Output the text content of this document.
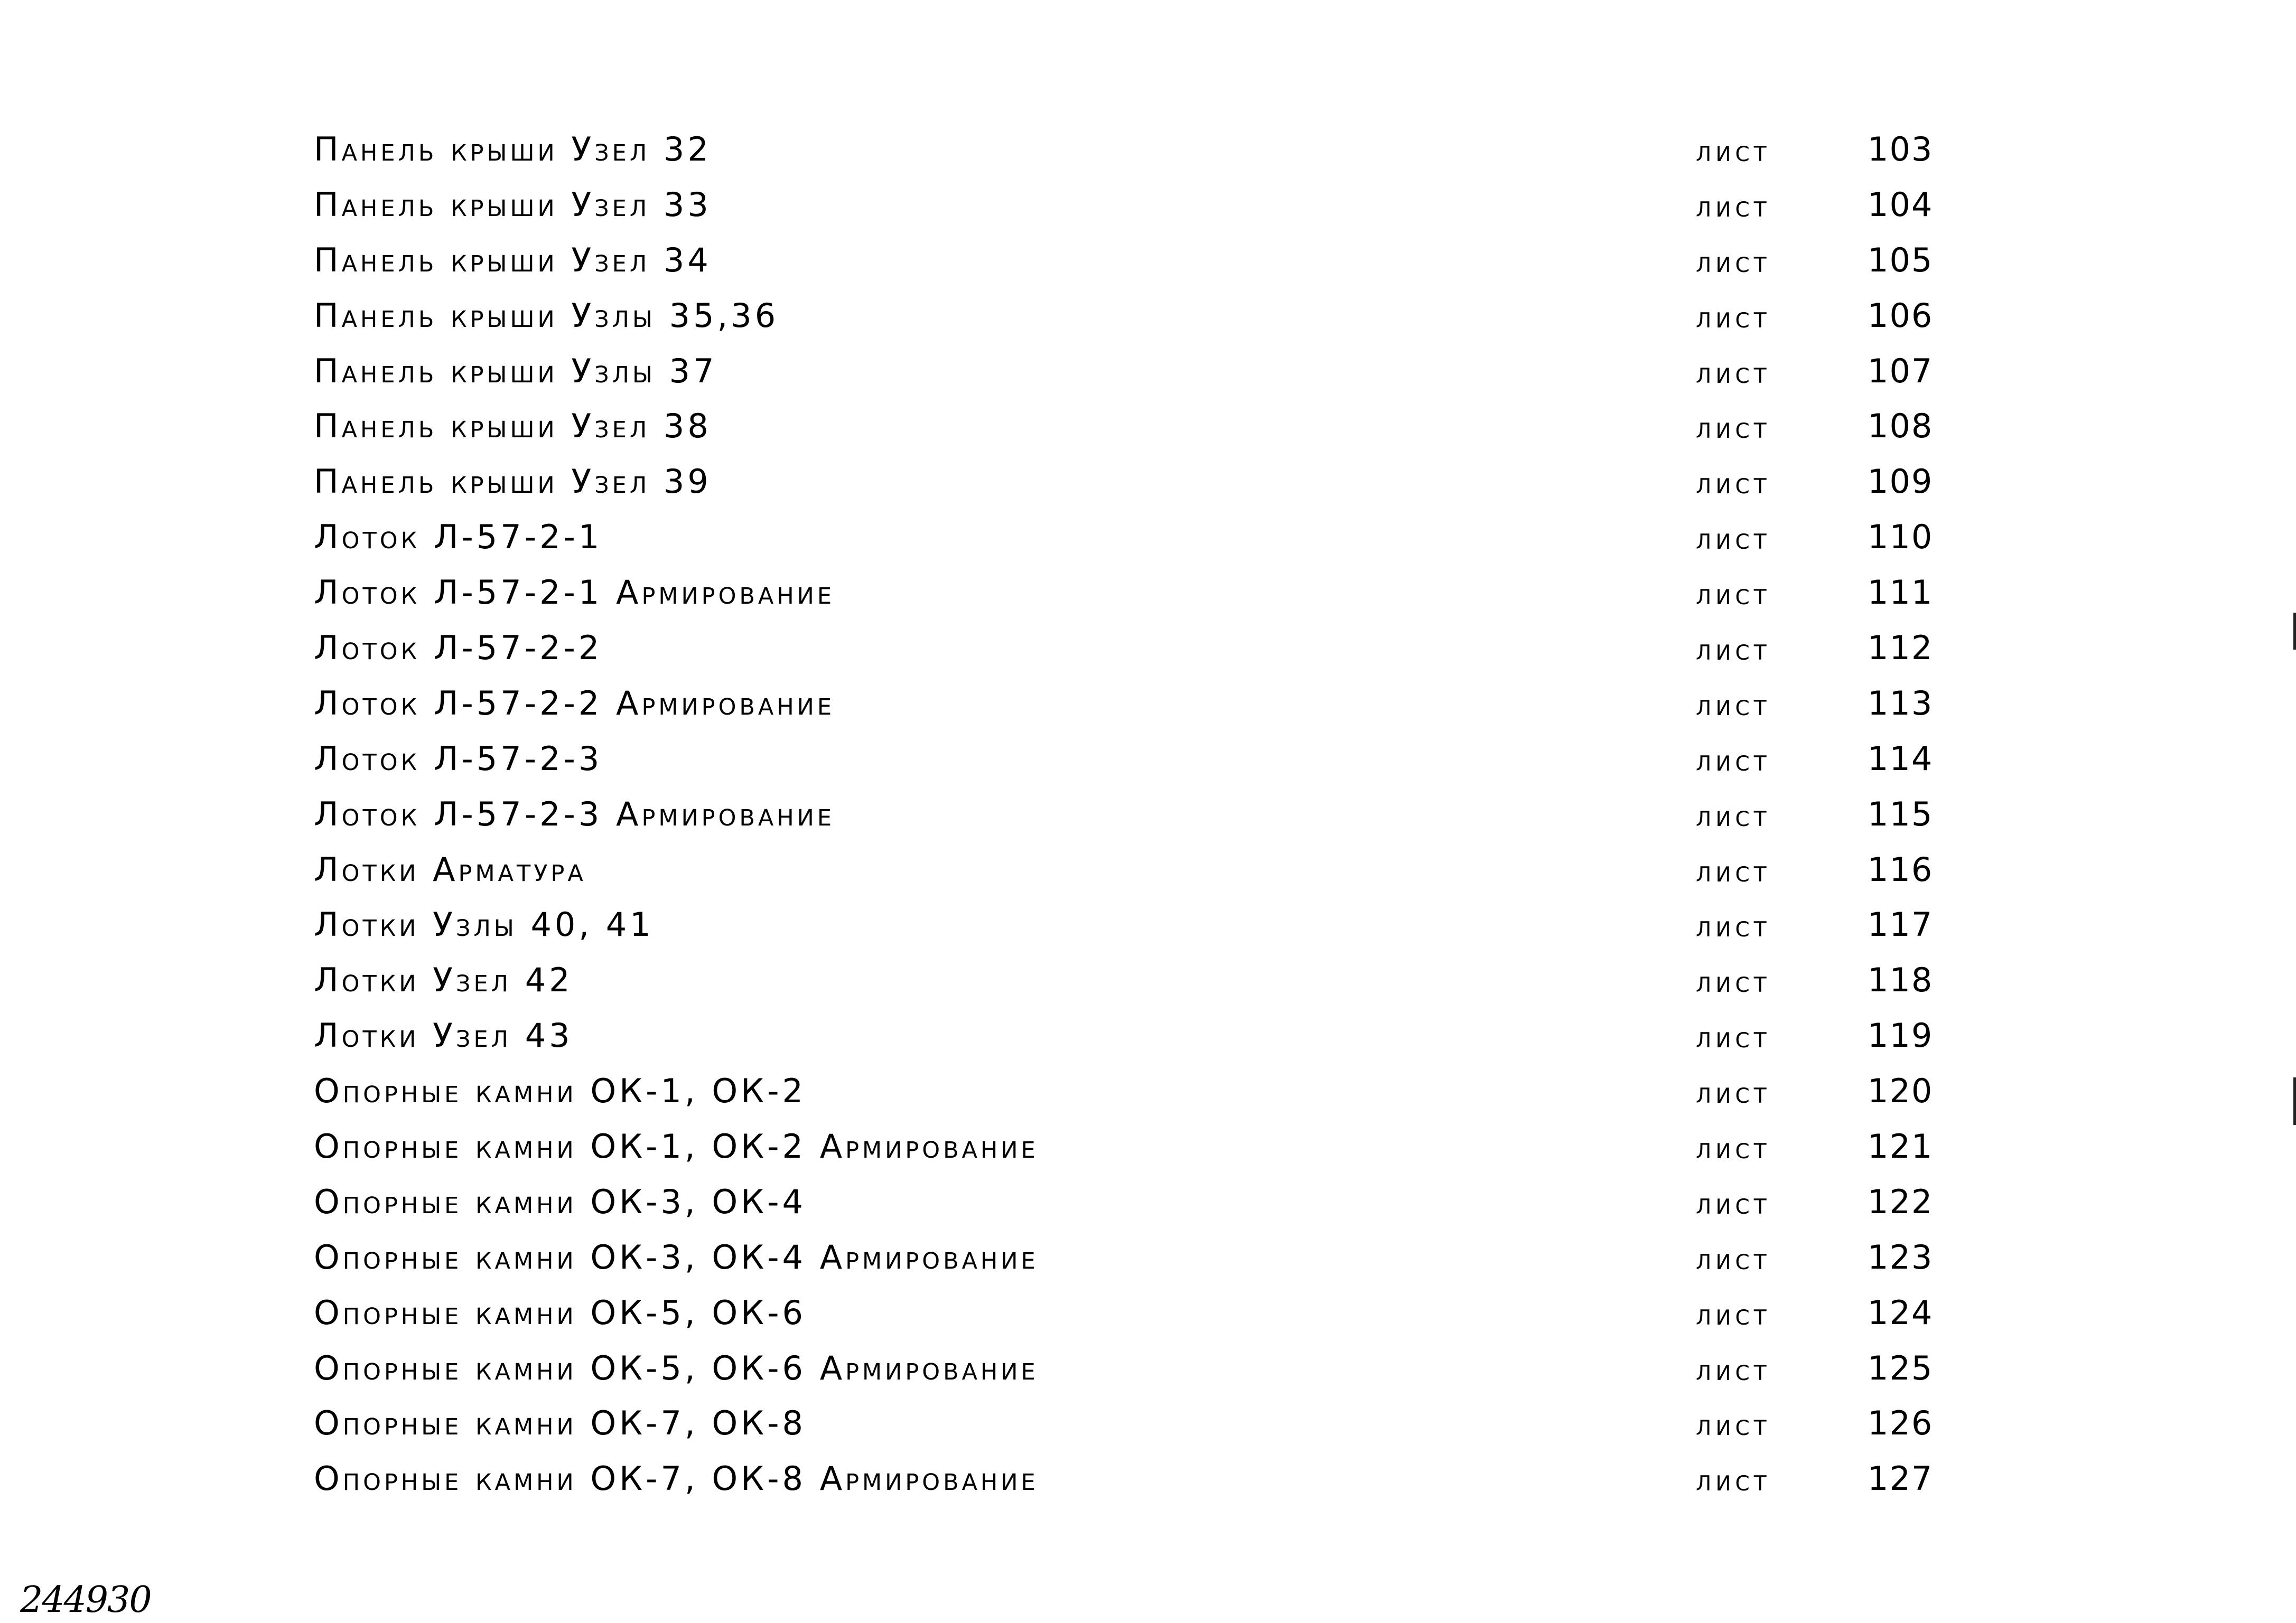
Панель крыши Узел 32	лист	103
Панель крыши Узел 33	лист	104
Панель крыши Узел 34	лист	105
Панель крыши Узлы 35,36	лист	106
Панель крыши Узлы 37	лист	107
Панель крыши Узел 38	лист	108
Панель крыши Узел 39	лист	109
Лоток Л-57-2-1	лист	110
Лоток Л-57-2-1 Армирование	лист	111
Лоток Л-57-2-2	лист	112
Лоток Л-57-2-2 Армирование	лист	113
Лоток Л-57-2-3	лист	114
Лоток Л-57-2-3 Армирование	лист	115
Лотки Арматура	лист	116
Лотки Узлы 40, 41	лист	117
Лотки Узел 42	лист	118
Лотки Узел 43	лист	119
Опорные камни ОК-1, ОК-2	лист	120
Опорные камни ОК-1, ОК-2 Армирование	лист	121
Опорные камни ОК-3, ОК-4	лист	122
Опорные камни ОК-3, ОК-4 Армирование	лист	123
Опорные камни ОК-5, ОК-6	лист	124
Опорные камни ОК-5, ОК-6 Армирование	лист	125
Опорные камни ОК-7, ОК-8	лист	126
Опорные камни ОК-7, ОК-8 Армирование	лист	127
244930
